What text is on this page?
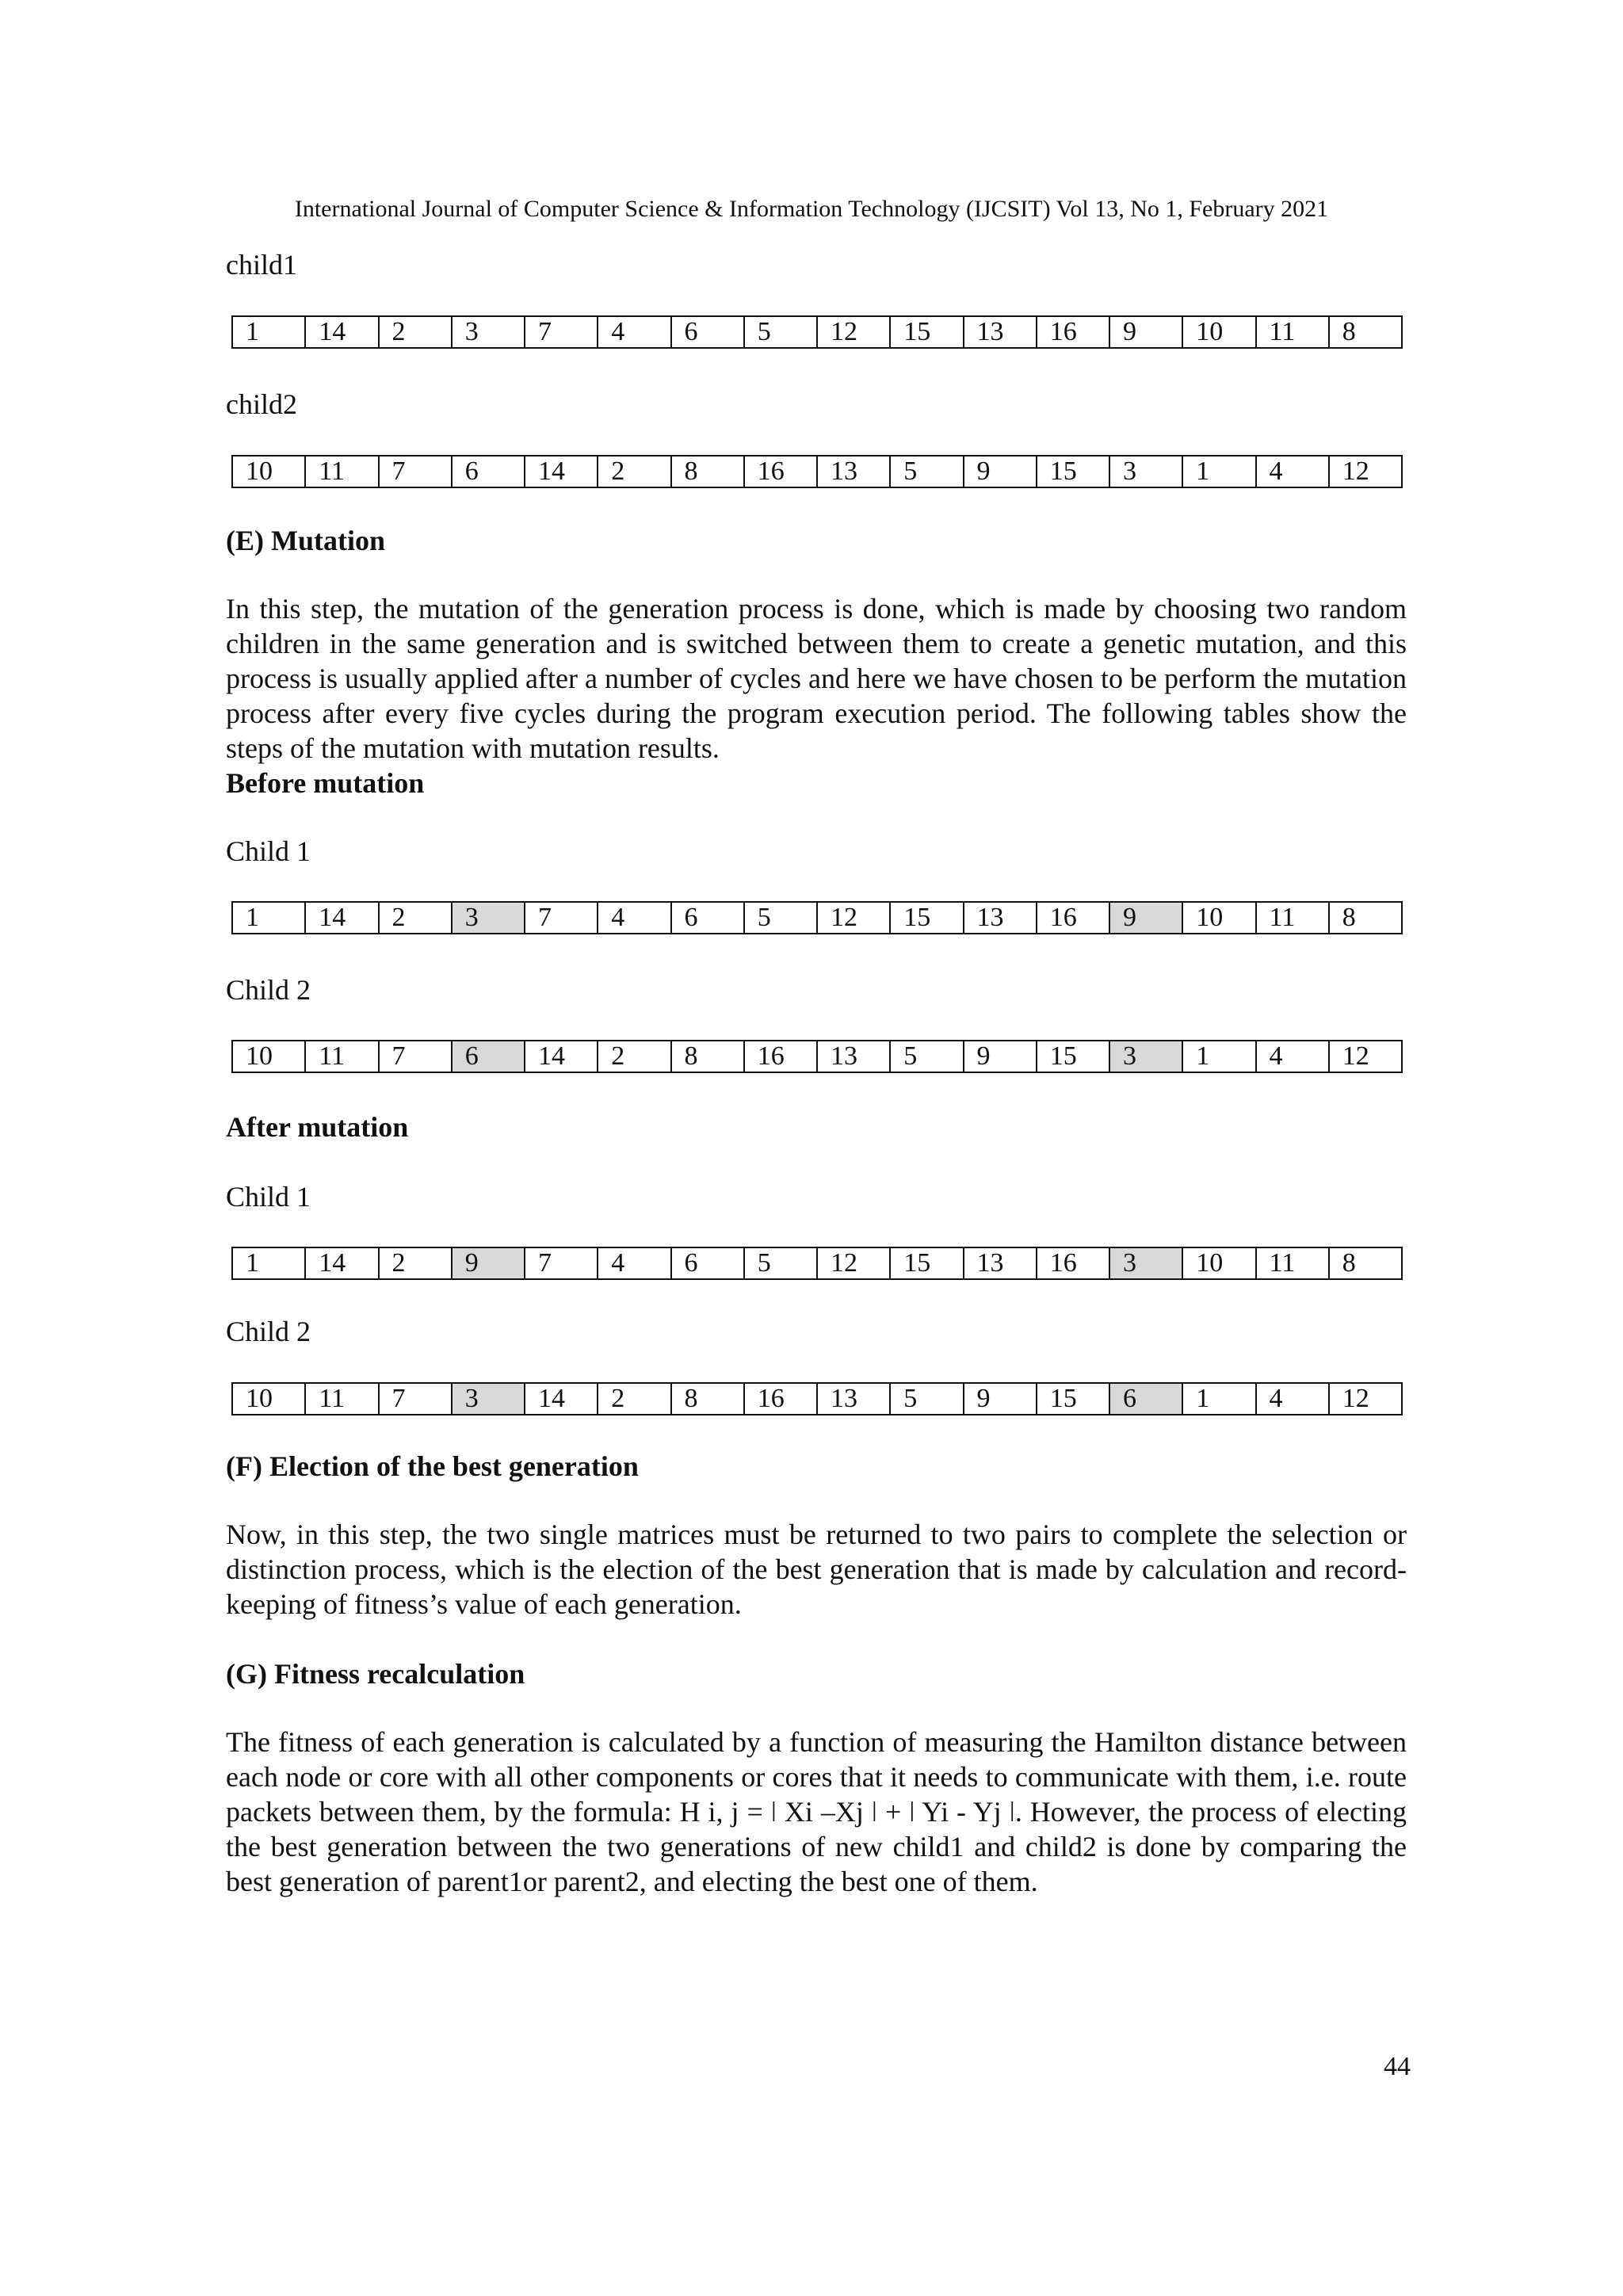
International Journal of Computer Science & Information Technology (IJCSIT) Vol 13, No 1, February 2021
child1
1	14	2	3	7	4	6	5	12	15	13	16	9	10	11	8
child2
10	11	7	6	14	2	8	16	13	5	9	15	3	1	4	12
(E) Mutation
In this step, the mutation of the generation process is done, which is made by choosing two random children in the same generation and is switched between them to create a genetic mutation, and this process is usually applied after a number of cycles and here we have chosen to be perform the mutation process after every five cycles during the program execution period. The following tables show the steps of the mutation with mutation results.
Before mutation
Child 1
1	14	2	3	7	4	6	5	12	15	13	16	9	10	11	8
Child 2
10	11	7	6	14	2	8	16	13	5	9	15	3	1	4	12
After mutation
Child 1
1	14	2	9	7	4	6	5	12	15	13	16	3	10	11	8
Child 2
10	11	7	3	14	2	8	16	13	5	9	15	6	1	4	12
(F) Election of the best generation
Now, in this step, the two single matrices must be returned to two pairs to complete the selection or distinction process, which is the election of the best generation that is made by calculation and record-keeping of fitness’s value of each generation.
(G) Fitness recalculation
The fitness of each generation is calculated by a function of measuring the Hamilton distance between each node or core with all other components or cores that it needs to communicate with them, i.e. route packets between them, by the formula: H i, j = ǀ Xi –Xj ǀ + ǀ Yi - Yj ǀ. However, the process of electing the best generation between the two generations of new child1 and child2 is done by comparing the best generation of parent1or parent2, and electing the best one of them.
44
